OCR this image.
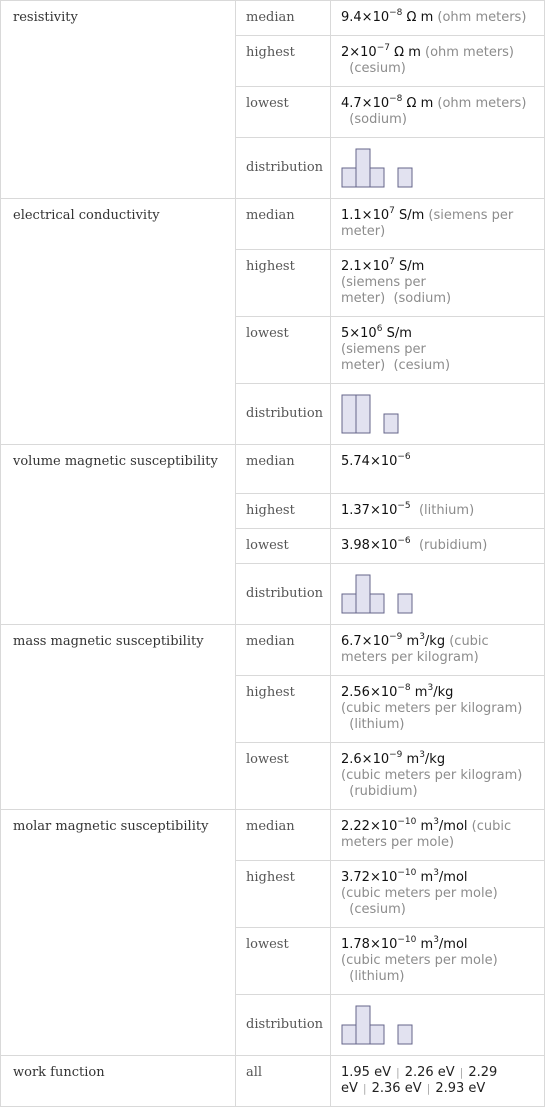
resistivity	median	$9.4\times 10^{-8}$ Ω m (ohm meters)
	highest	$2\times 10^{-7}$ Ω m (ohm meters)
(cesium)
	lowest	$4.7\times 10^{-8}$ Ω m (ohm meters)
(sodium)
	distribution	

electrical conductivity	median	$1.1\times 10^7$ S/m (siemens per meter)
	highest	$2.1\times 10^7$ S/m
(siemens per meter) (sodium)
	lowest	$5\times 10^6$ S/m
(siemens per meter) (cesium)
	distribution	

volume magnetic susceptibility	median	$5.74\times 10^{-6}$
	highest	$1.37\times 10^{-5}$ (lithium)
	lowest	$3.98\times 10^{-6}$ (rubidium)
	distribution	

mass magnetic susceptibility	median	$6.7\times 10^{-9}$ $m^3/kg$ (cubic meters per kilogram)
	highest	$2.56\times 10^{-8}$ $m^3/kg$
(cubic meters per kilogram)
(lithium)
	lowest	$2.6\times 10^{-9}$ $m^3/kg$
(cubic meters per kilogram)
(rubidium)
molar magnetic susceptibility	median	$2.22\times 10^{-10}$ $m^3$/mol (cubic meters per mole)
	highest	$3.72\times 10^{-10}$ $m^3$/mol
(cubic meters per mole)
(cesium)
	lowest	$1.78\times 10^{-10}$ $m^3$/mol
(cubic meters per mole)
(lithium)
	distribution	

work function	all	1.95 eV | 2.26 eV | 2.29 eV | 2.36 eV | 2.93 eV
